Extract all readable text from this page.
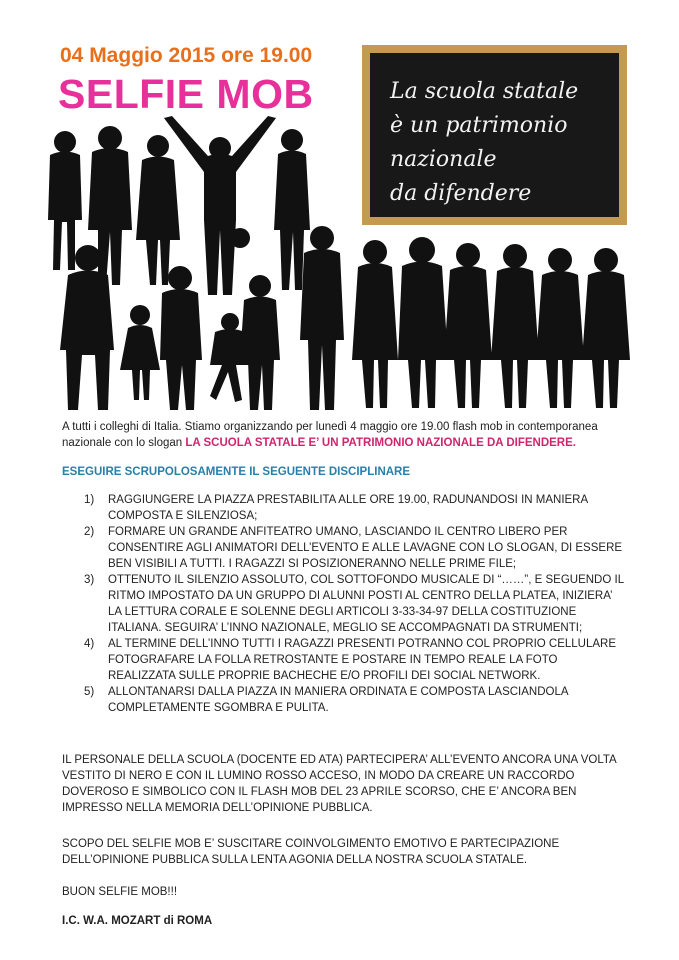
04 Maggio 2015 ore 19.00
SELFIE MOB	La scuola statale
è un patrimonio
nazionale
da difendere
A tutti i colleghi di Italia. Stiamo organizzando per lunedì 4 maggio ore 19.00 flash mob in contemporanea nazionale con lo slogan LA SCUOLA STATALE E’ UN PATRIMONIO NAZIONALE DA DIFENDERE.
ESEGUIRE SCRUPOLOSAMENTE IL SEGUENTE DISCIPLINARE
1)	RAGGIUNGERE LA PIAZZA PRESTABILITA ALLE ORE 19.00, RADUNANDOSI IN MANIERA COMPOSTA E SILENZIOSA;
2)	FORMARE UN GRANDE ANFITEATRO UMANO, LASCIANDO IL CENTRO LIBERO PER CONSENTIRE AGLI ANIMATORI DELL’EVENTO E ALLE LAVAGNE CON LO SLOGAN, DI ESSERE BEN VISIBILI A TUTTI. I RAGAZZI SI POSIZIONERANNO NELLE PRIME FILE;
3)	OTTENUTO IL SILENZIO ASSOLUTO, COL SOTTOFONDO MUSICALE DI “……”, E SEGUENDO IL RITMO IMPOSTATO DA UN GRUPPO DI ALUNNI POSTI AL CENTRO DELLA PLATEA, INIZIERA’ LA LETTURA CORALE E SOLENNE DEGLI ARTICOLI 3-33-34-97 DELLA COSTITUZIONE ITALIANA. SEGUIRA’ L’INNO NAZIONALE, MEGLIO SE ACCOMPAGNATI DA STRUMENTI;
4)	AL TERMINE DELL’INNO TUTTI I RAGAZZI PRESENTI POTRANNO COL PROPRIO CELLULARE FOTOGRAFARE LA FOLLA RETROSTANTE E POSTARE IN TEMPO REALE LA FOTO REALIZZATA SULLE PROPRIE BACHECHE E/O PROFILI DEI SOCIAL NETWORK.
5)	ALLONTANARSI DALLA PIAZZA IN MANIERA ORDINATA E COMPOSTA LASCIANDOLA COMPLETAMENTE SGOMBRA E PULITA.
IL PERSONALE DELLA SCUOLA (DOCENTE ED ATA) PARTECIPERA’ ALL’EVENTO ANCORA UNA VOLTA VESTITO DI NERO E CON IL LUMINO ROSSO ACCESO, IN MODO DA CREARE UN RACCORDO DOVEROSO E SIMBOLICO CON IL FLASH MOB DEL 23 APRILE SCORSO, CHE E’ ANCORA BEN IMPRESSO NELLA MEMORIA DELL’OPINIONE PUBBLICA.
SCOPO DEL SELFIE MOB E’ SUSCITARE COINVOLGIMENTO EMOTIVO E PARTECIPAZIONE DELL’OPINIONE PUBBLICA SULLA LENTA AGONIA DELLA NOSTRA SCUOLA STATALE.
BUON SELFIE MOB!!!
I.C. W.A. MOZART di ROMA
